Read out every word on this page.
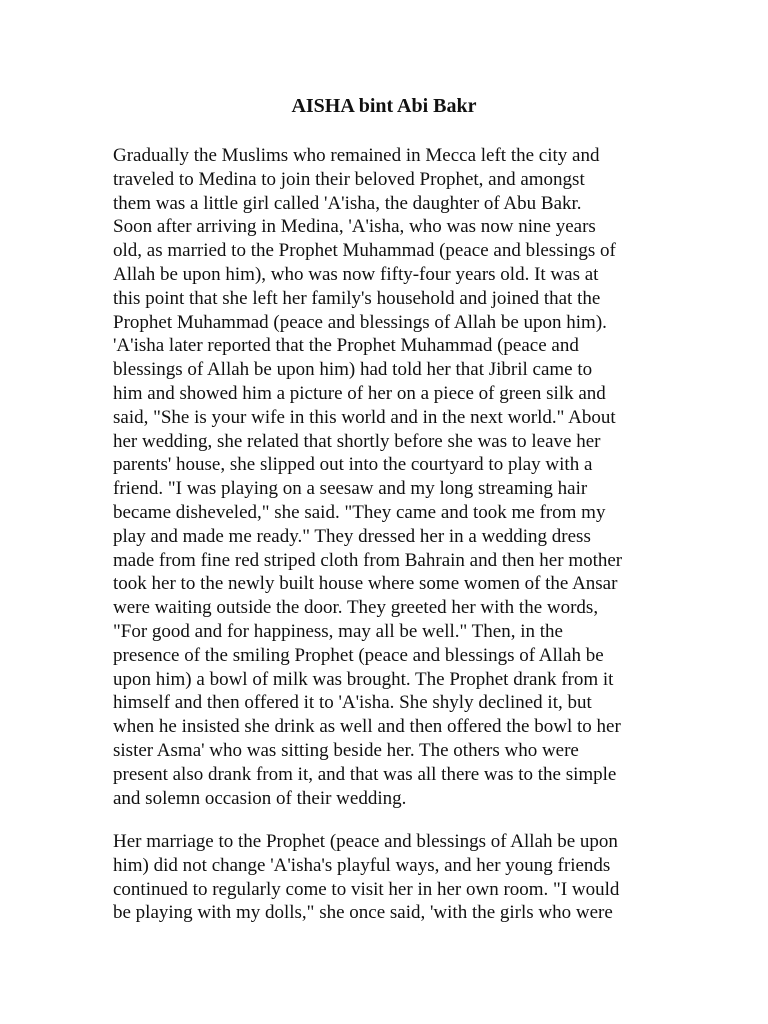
AISHA bint Abi Bakr
Gradually the Muslims who remained in Mecca left the city and
traveled to Medina to join their beloved Prophet, and amongst
them was a little girl called 'A'isha, the daughter of Abu Bakr.
Soon after arriving in Medina, 'A'isha, who was now nine years
old, as married to the Prophet Muhammad (peace and blessings of
Allah be upon him), who was now fifty-four years old. It was at
this point that she left her family's household and joined that the
Prophet Muhammad (peace and blessings of Allah be upon him).
'A'isha later reported that the Prophet Muhammad (peace and
blessings of Allah be upon him) had told her that Jibril came to
him and showed him a picture of her on a piece of green silk and
said, "She is your wife in this world and in the next world." About
her wedding, she related that shortly before she was to leave her
parents' house, she slipped out into the courtyard to play with a
friend. "I was playing on a seesaw and my long streaming hair
became disheveled," she said. "They came and took me from my
play and made me ready." They dressed her in a wedding dress
made from fine red striped cloth from Bahrain and then her mother
took her to the newly built house where some women of the Ansar
were waiting outside the door. They greeted her with the words,
"For good and for happiness, may all be well." Then, in the
presence of the smiling Prophet (peace and blessings of Allah be
upon him) a bowl of milk was brought. The Prophet drank from it
himself and then offered it to 'A'isha. She shyly declined it, but
when he insisted she drink as well and then offered the bowl to her
sister Asma' who was sitting beside her. The others who were
present also drank from it, and that was all there was to the simple
and solemn occasion of their wedding.
Her marriage to the Prophet (peace and blessings of Allah be upon
him) did not change 'A'isha's playful ways, and her young friends
continued to regularly come to visit her in her own room. "I would
be playing with my dolls," she once said, 'with the girls who were
